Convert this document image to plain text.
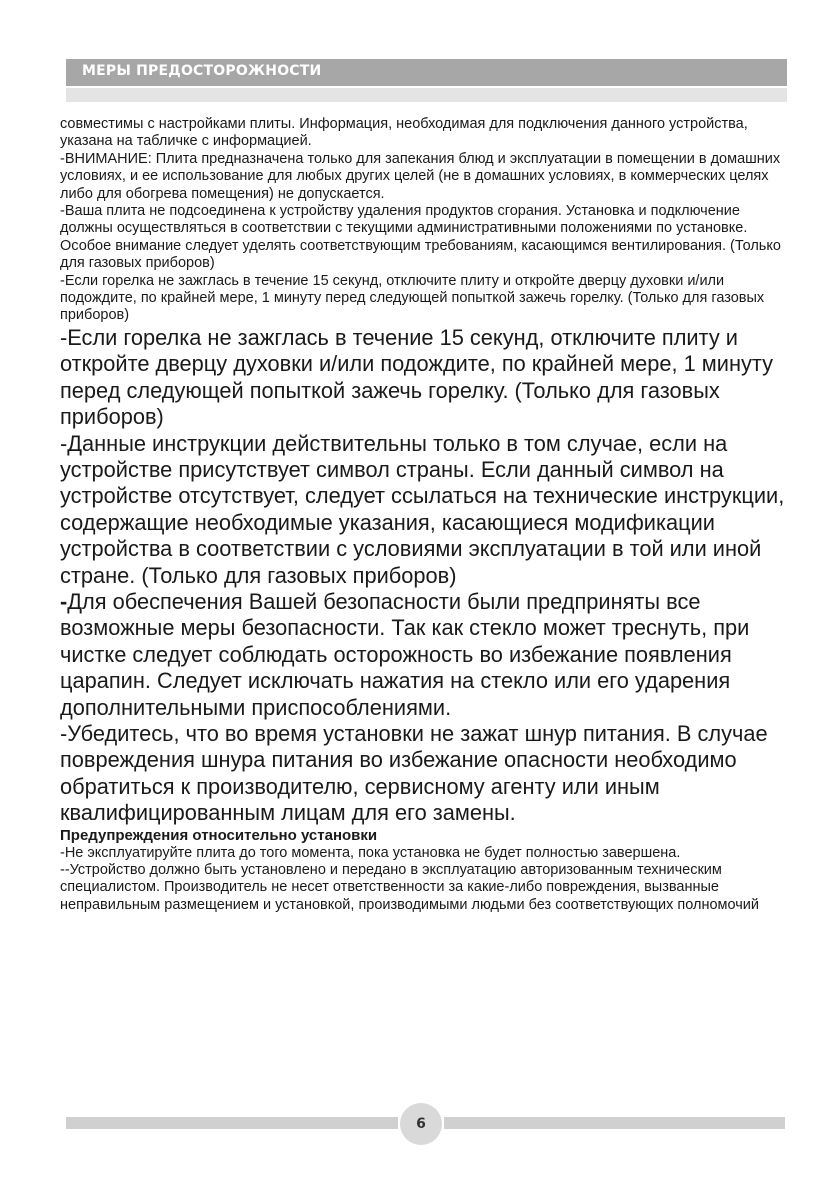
МЕРЫ ПРЕДОСТОРОЖНОСТИ

совместимы с настройками плиты. Информация, необходимая для подключения данного устройства, указана на табличке с информацией.

-ВНИМАНИЕ: Плита предназначена только для запекания блюд и эксплуатации в помещении в домашних условиях, и ее использование для любых других целей (не в домашних условиях, в коммерческих целях либо для обогрева помещения) не допускается.

-Ваша плита не подсоединена к устройству удаления продуктов сгорания. Установка и подключение должны осуществляться в соответствии с текущими административными положениями по установке. Особое внимание следует уделять соответствующим требованиям, касающимся вентилирования. (Только для газовых приборов)

-Если горелка не зажглась в течение 15 секунд, отключите плиту и откройте дверцу духовки и/или подождите, по крайней мере, 1 минуту перед следующей попыткой зажечь горелку. (Только для газовых приборов)

-Если горелка не зажглась в течение 15 секунд, отключите плиту и откройте дверцу духовки и/или подождите, по крайней мере, 1 минуту перед следующей попыткой зажечь горелку. (Только для газовых приборов)

-Данные инструкции действительны только в том случае, если на устройстве присутствует символ страны. Если данный символ на устройстве отсутствует, следует ссылаться на технические инструкции, содержащие необходимые указания, касающиеся модификации устройства в соответствии с условиями эксплуатации в той или иной стране. (Только для газовых приборов)

-Для обеспечения Вашей безопасности были предприняты все возможные меры безопасности. Так как стекло может треснуть, при чистке следует соблюдать осторожность во избежание появления царапин. Следует исключать нажатия на стекло или его ударения дополнительными приспособлениями.

-Убедитесь, что во время установки не зажат шнур питания. В случае повреждения шнура питания во избежание опасности необходимо обратиться к производителю, сервисному агенту или иным квалифицированным лицам для его замены.

Предупреждения относительно установки

-Не эксплуатируйте плита до того момента, пока установка не будет полностью завершена.

--Устройство должно быть установлено и передано в эксплуатацию авторизованным техническим специалистом. Производитель не несет ответственности за какие-либо повреждения, вызванные неправильным размещением и установкой, производимыми людьми без соответствующих полномочий

6
